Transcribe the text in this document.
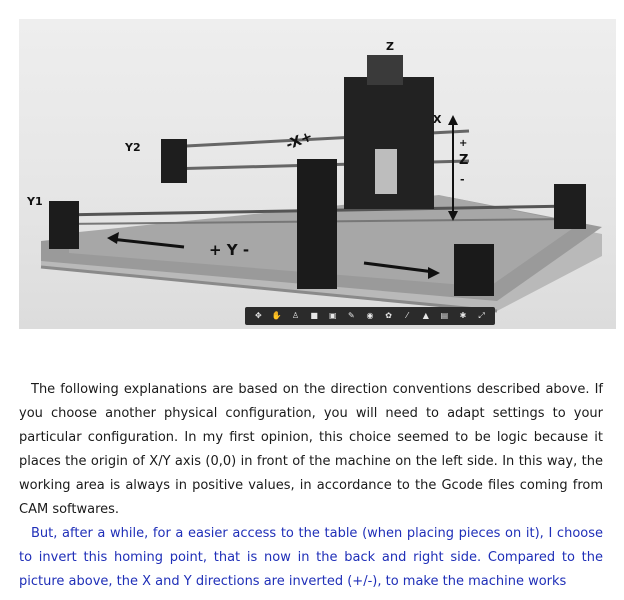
Z
-X+
X
Y2
Y1
+ Y -
+
Z
-
✥	✋	♙	■ ▣	✎	◉	✿	⁄	▲	▤	✱	⤢

The following explanations are based on the direction conventions described above. If you choose another physical configuration, you will need to adapt settings to your particular configuration. In my first opinion, this choice seemed to be logic because it places the origin of X/Y axis (0,0) in front of the machine on the left side. In this way, the working area is always in positive values, in accordance to the Gcode files coming from CAM softwares.

But, after a while, for a easier access to the table (when placing pieces on it), I choose to invert this homing point, that is now in the back and right side. Compared to the picture above, the X and Y directions are inverted (+/-), to make the machine works
